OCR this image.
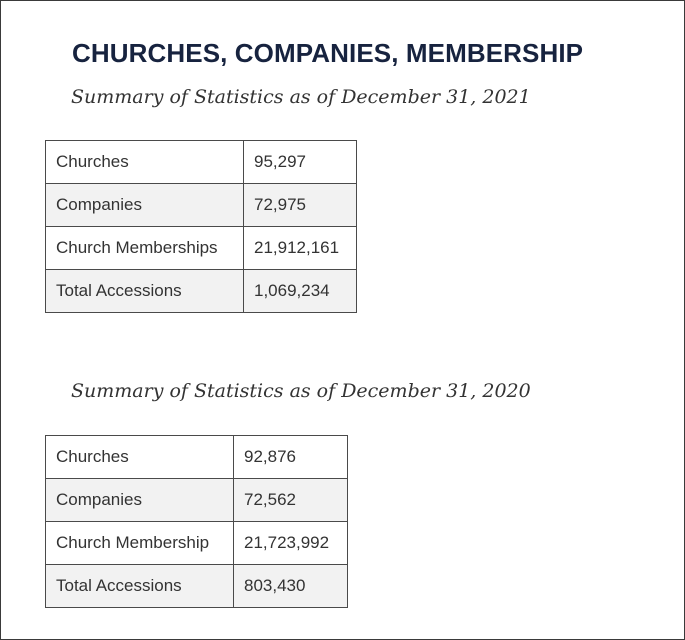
CHURCHES, COMPANIES, MEMBERSHIP

Summary of Statistics as of December 31, 2021

Churches	95,297
Companies	72,975
Church Memberships	21,912,161
Total Accessions	1,069,234

Summary of Statistics as of December 31, 2020

Churches	92,876
Companies	72,562
Church Membership	21,723,992
Total Accessions	803,430
